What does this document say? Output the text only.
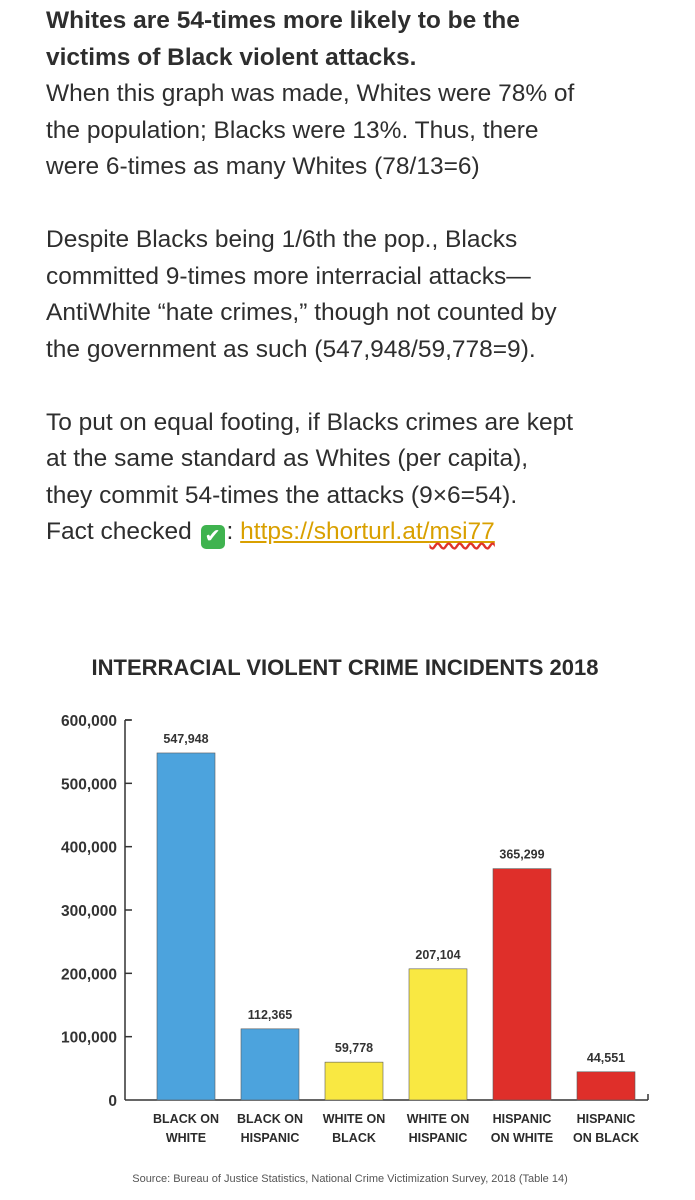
Whites are 54-times more likely to be the

victims of Black violent attacks.

When this graph was made, Whites were 78% of

the population; Blacks were 13%. Thus, there

were 6-times as many Whites (78/13=6)

Despite Blacks being 1/6th the pop., Blacks

committed 9-times more interracial attacks—

AntiWhite “hate crimes,” though not counted by

the government as such (547,948/59,778=9).

To put on equal footing, if Blacks crimes are kept

at the same standard as Whites (per capita),

they commit 54-times the attacks (9×6=54).

Fact checked ✔ : https://shorturl.at/msi77

INTERRACIAL VIOLENT CRIME INCIDENTS 2018
0
100,000
200,000
300,000
400,000
500,000
600,000
547,948
BLACK ON
WHITE
112,365
BLACK ON
HISPANIC
59,778
WHITE ON
BLACK
207,104
WHITE ON
HISPANIC
365,299
HISPANIC
ON WHITE
44,551
HISPANIC
ON BLACK
Source: Bureau of Justice Statistics, National Crime Victimization Survey, 2018 (Table 14)
